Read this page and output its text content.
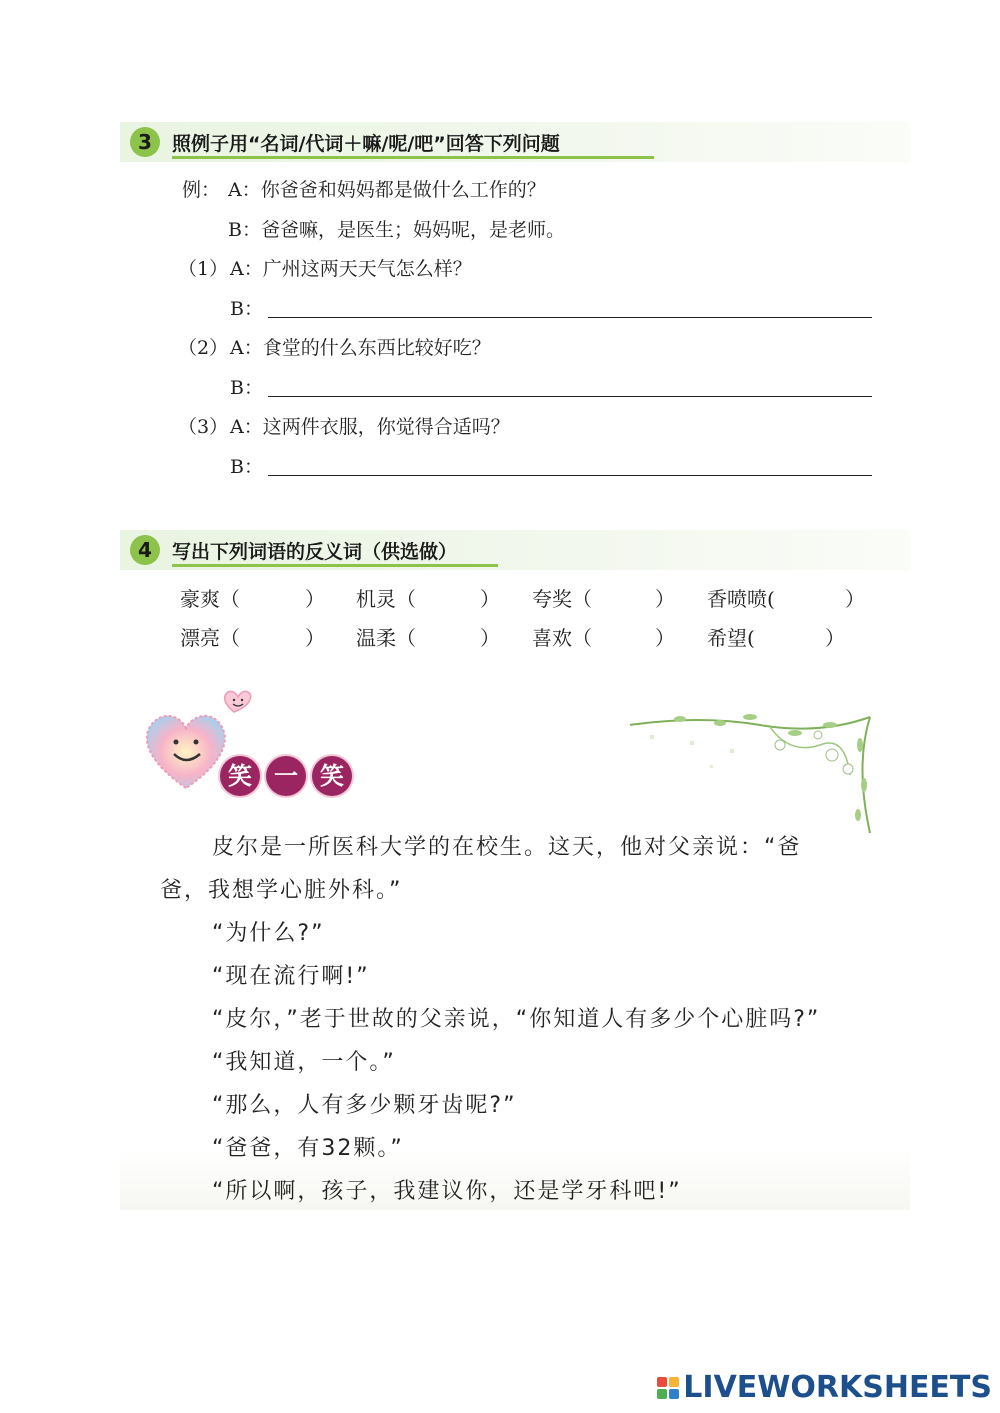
3	照例子用“名词/代词＋嘛/呢/吧”回答下列问题
例： A：你爸爸和妈妈都是做什么工作的？
B：爸爸嘛，是医生；妈妈呢，是老师。
（1） A：广州这两天天气怎么样？
B：
（2） A：食堂的什么东西比较好吃？
B：
（3） A：这两件衣服，你觉得合适吗？
B：
4	写出下列词语的反义词（供选做）
豪爽（	） 机灵（	） 夸奖（	） 香喷喷(	）
漂亮（	） 温柔（	） 喜欢（	） 希望(	）
笑 一 笑
皮尔是一所医科大学的在校生。这天，他对父亲说：“爸
爸，我想学心脏外科。”
“为什么?”
“现在流行啊!”
“皮尔，”老于世故的父亲说，“你知道人有多少个心脏吗?”
“我知道，一个。”
“那么，人有多少颗牙齿呢?”
“爸爸，有32颗。”
“所以啊，孩子，我建议你，还是学牙科吧!”
LIVEWORKSHEETS
